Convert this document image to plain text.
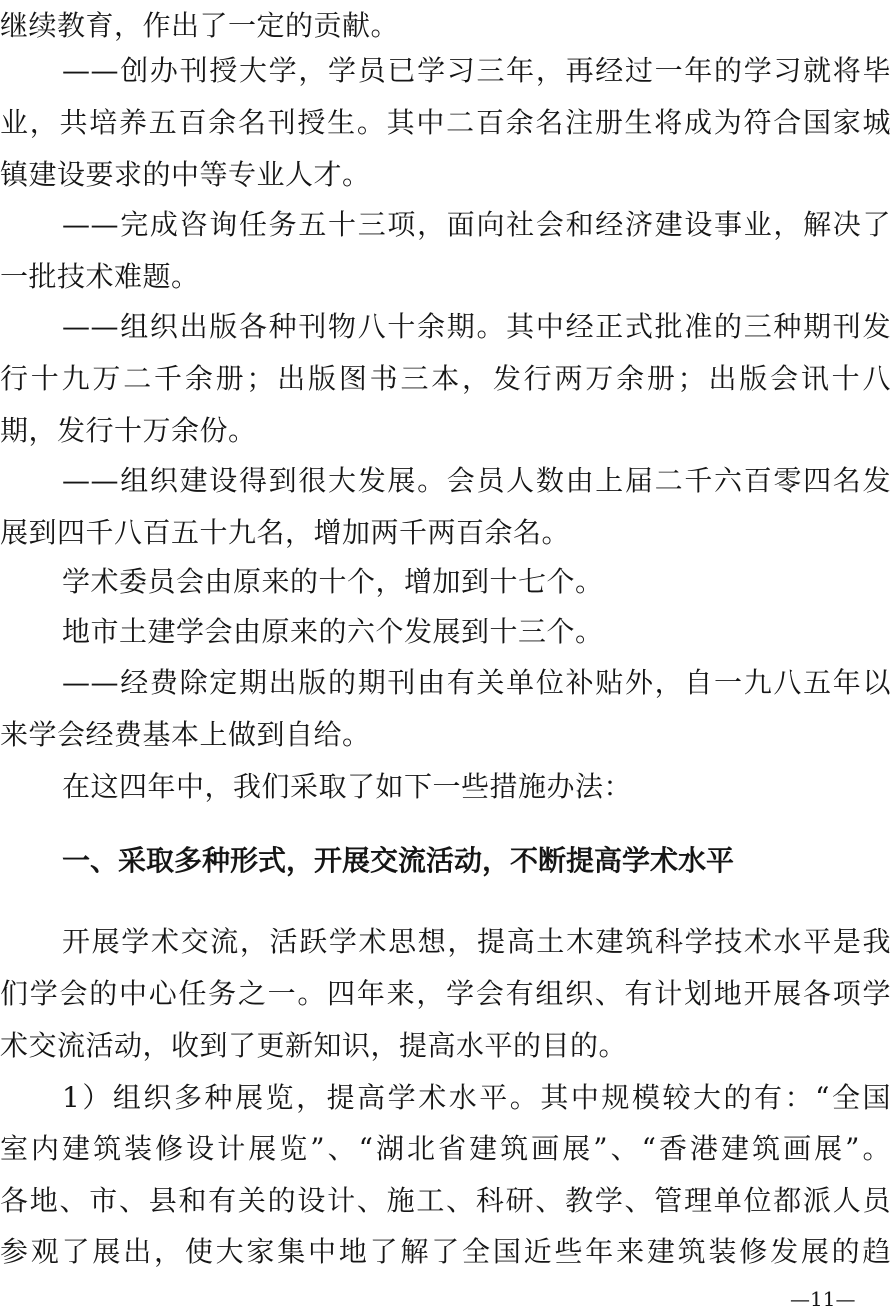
继续教育，作出了一定的贡献。
——创办刊授大学，学员已学习三年，再经过一年的学习就将毕
业，共培养五百余名刊授生。其中二百余名注册生将成为符合国家城
镇建设要求的中等专业人才。
——完成咨询任务五十三项，面向社会和经济建设事业，解决了
一批技术难题。
——组织出版各种刊物八十余期。其中经正式批准的三种期刊发
行十九万二千余册；出版图书三本，发行两万余册；出版会讯十八
期，发行十万余份。
——组织建设得到很大发展。会员人数由上届二千六百零四名发
展到四千八百五十九名，增加两千两百余名。
学术委员会由原来的十个，增加到十七个。
地市土建学会由原来的六个发展到十三个。
——经费除定期出版的期刊由有关单位补贴外，自一九八五年以
来学会经费基本上做到自给。
在这四年中，我们采取了如下一些措施办法：
一、采取多种形式，开展交流活动，不断提高学术水平
开展学术交流，活跃学术思想，提高土木建筑科学技术水平是我
们学会的中心任务之一。四年来，学会有组织、有计划地开展各项学
术交流活动，收到了更新知识，提高水平的目的。
1）组织多种展览，提高学术水平。其中规模较大的有：“全国
室内建筑装修设计展览”、“湖北省建筑画展”、“香港建筑画展”。
各地、市、县和有关的设计、施工、科研、教学、管理单位都派人员
参观了展出，使大家集中地了解了全国近些年来建筑装修发展的趋
—11—
